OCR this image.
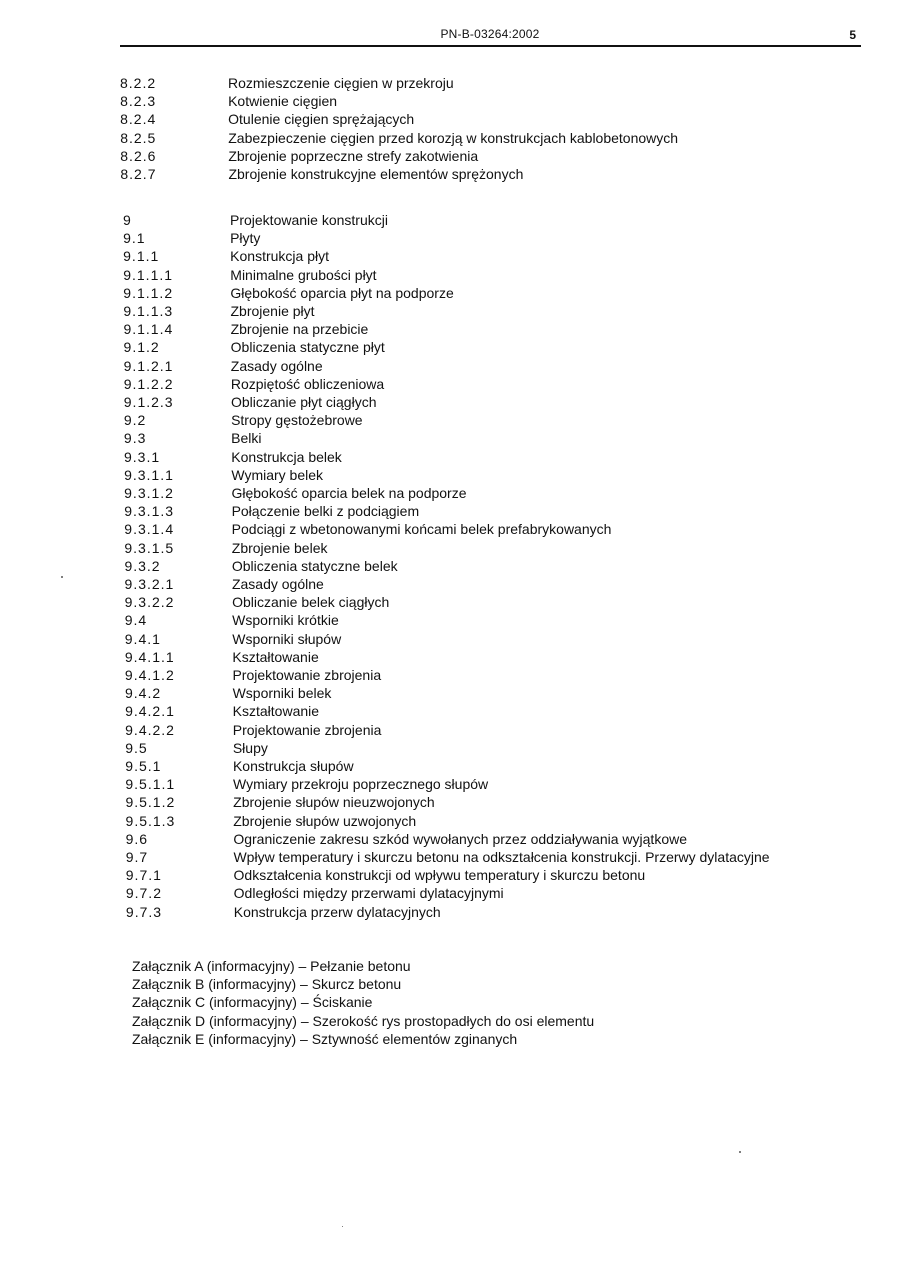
PN-B-03264:2002	5
8.2.2	Rozmieszczenie cięgien w przekroju
8.2.3	Kotwienie cięgien
8.2.4	Otulenie cięgien sprężających
8.2.5	Zabezpieczenie cięgien przed korozją w konstrukcjach kablobetonowych
8.2.6	Zbrojenie poprzeczne strefy zakotwienia
8.2.7	Zbrojenie konstrukcyjne elementów sprężonych
9	Projektowanie konstrukcji
9.1	Płyty
9.1.1	Konstrukcja płyt
9.1.1.1	Minimalne grubości płyt
9.1.1.2	Głębokość oparcia płyt na podporze
9.1.1.3	Zbrojenie płyt
9.1.1.4	Zbrojenie na przebicie
9.1.2	Obliczenia statyczne płyt
9.1.2.1	Zasady ogólne
9.1.2.2	Rozpiętość obliczeniowa
9.1.2.3	Obliczanie płyt ciągłych
9.2	Stropy gęstożebrowe
9.3	Belki
9.3.1	Konstrukcja belek
9.3.1.1	Wymiary belek
9.3.1.2	Głębokość oparcia belek na podporze
9.3.1.3	Połączenie belki z podciągiem
9.3.1.4	Podciągi z wbetonowanymi końcami belek prefabrykowanych
9.3.1.5	Zbrojenie belek
9.3.2	Obliczenia statyczne belek
9.3.2.1	Zasady ogólne
9.3.2.2	Obliczanie belek ciągłych
9.4	Wsporniki krótkie
9.4.1	Wsporniki słupów
9.4.1.1	Kształtowanie
9.4.1.2	Projektowanie zbrojenia
9.4.2	Wsporniki belek
9.4.2.1	Kształtowanie
9.4.2.2	Projektowanie zbrojenia
9.5	Słupy
9.5.1	Konstrukcja słupów
9.5.1.1	Wymiary przekroju poprzecznego słupów
9.5.1.2	Zbrojenie słupów nieuzwojonych
9.5.1.3	Zbrojenie słupów uzwojonych
9.6	Ograniczenie zakresu szkód wywołanych przez oddziaływania wyjątkowe
9.7	Wpływ temperatury i skurczu betonu na odkształcenia konstrukcji. Przerwy dylatacyjne
9.7.1	Odkształcenia konstrukcji od wpływu temperatury i skurczu betonu
9.7.2	Odległości między przerwami dylatacyjnymi
9.7.3	Konstrukcja przerw dylatacyjnych
Załącznik A (informacyjny) – Pełzanie betonu
Załącznik B (informacyjny) – Skurcz betonu
Załącznik C (informacyjny) – Ściskanie
Załącznik D (informacyjny) – Szerokość rys prostopadłych do osi elementu
Załącznik E (informacyjny) – Sztywność elementów zginanych
